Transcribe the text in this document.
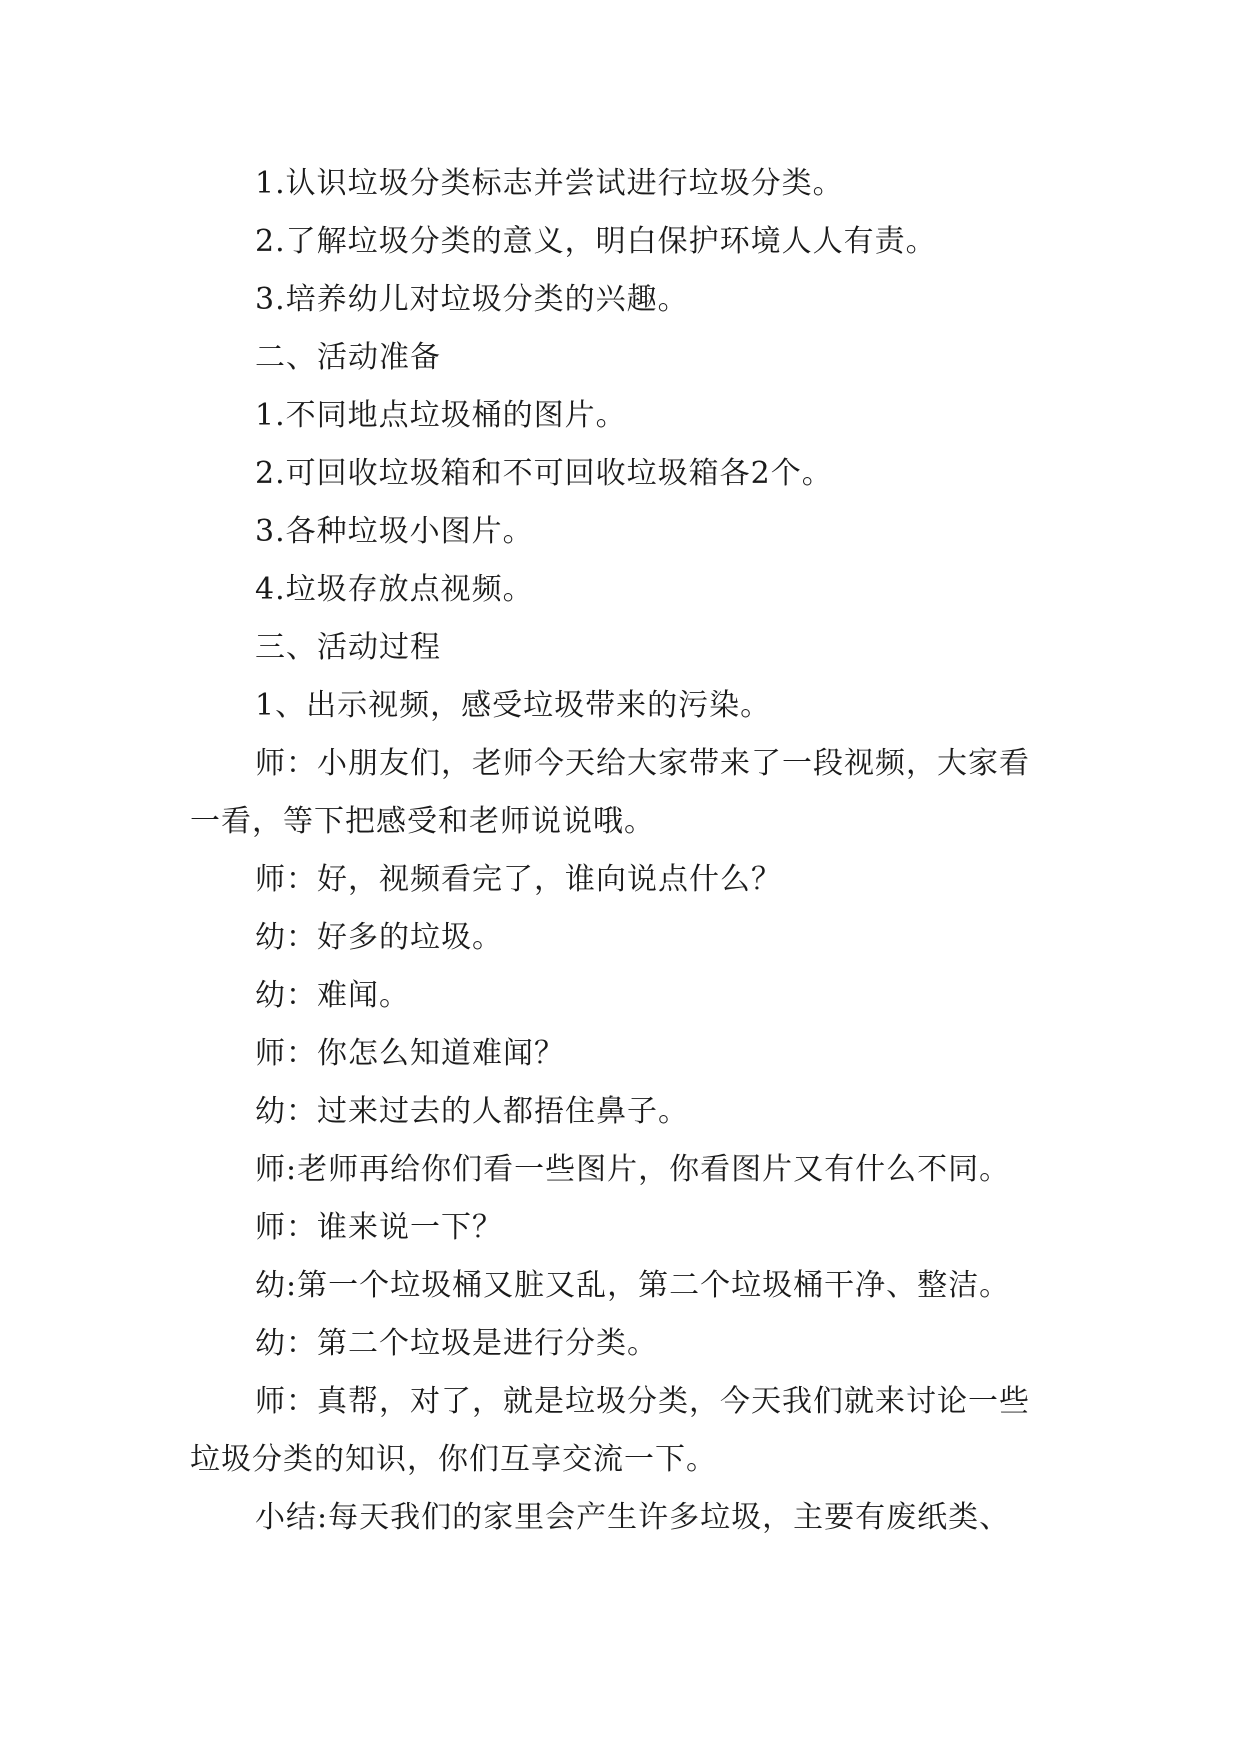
1.认识垃圾分类标志并尝试进行垃圾分类。

2.了解垃圾分类的意义，明白保护环境人人有责。

3.培养幼儿对垃圾分类的兴趣。

二、活动准备

1.不同地点垃圾桶的图片。

2.可回收垃圾箱和不可回收垃圾箱各2个。

3.各种垃圾小图片。

4.垃圾存放点视频。

三、活动过程

1、出示视频，感受垃圾带来的污染。

师：小朋友们，老师今天给大家带来了一段视频，大家看一看，等下把感受和老师说说哦。

师：好，视频看完了，谁向说点什么？

幼：好多的垃圾。

幼：难闻。

师：你怎么知道难闻？

幼：过来过去的人都捂住鼻子。

师:老师再给你们看一些图片，你看图片又有什么不同。

师：谁来说一下？

幼:第一个垃圾桶又脏又乱，第二个垃圾桶干净、整洁。

幼：第二个垃圾是进行分类。

师：真帮，对了，就是垃圾分类，今天我们就来讨论一些垃圾分类的知识，你们互享交流一下。

小结:每天我们的家里会产生许多垃圾，主要有废纸类、
